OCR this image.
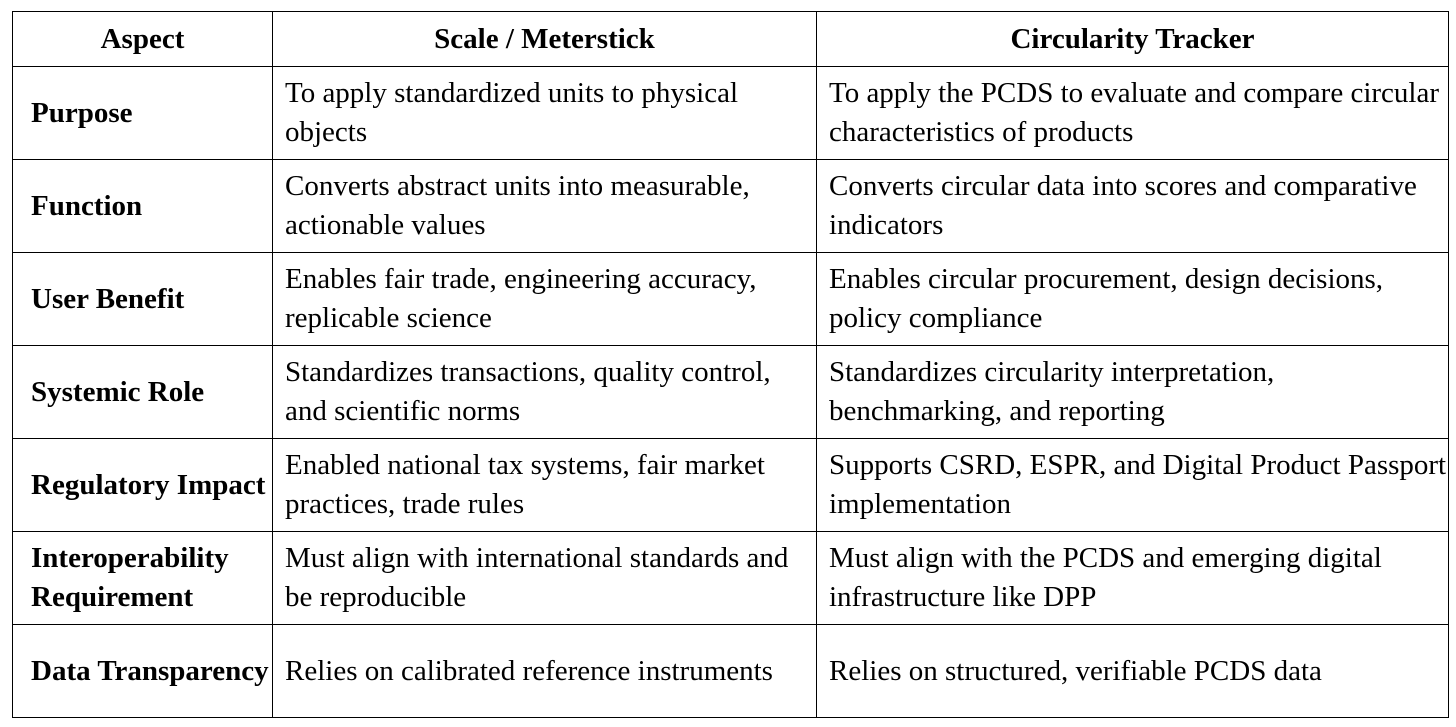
Aspect	Scale / Meterstick	Circularity Tracker
Purpose	To apply standardized units to physical objects	To apply the PCDS to evaluate and compare circular characteristics of products
Function	Converts abstract units into measurable, actionable values	Converts circular data into scores and comparative indicators
User Benefit	Enables fair trade, engineering accuracy, replicable science	Enables circular procurement, design decisions, policy compliance
Systemic Role	Standardizes transactions, quality control, and scientific norms	Standardizes circularity interpretation, benchmarking, and reporting
Regulatory Impact	Enabled national tax systems, fair market practices, trade rules	Supports CSRD, ESPR, and Digital Product Passport implementation
Interoperability Requirement	Must align with international standards and be reproducible	Must align with the PCDS and emerging digital infrastructure like DPP
Data Transparency	Relies on calibrated reference instruments	Relies on structured, verifiable PCDS data
